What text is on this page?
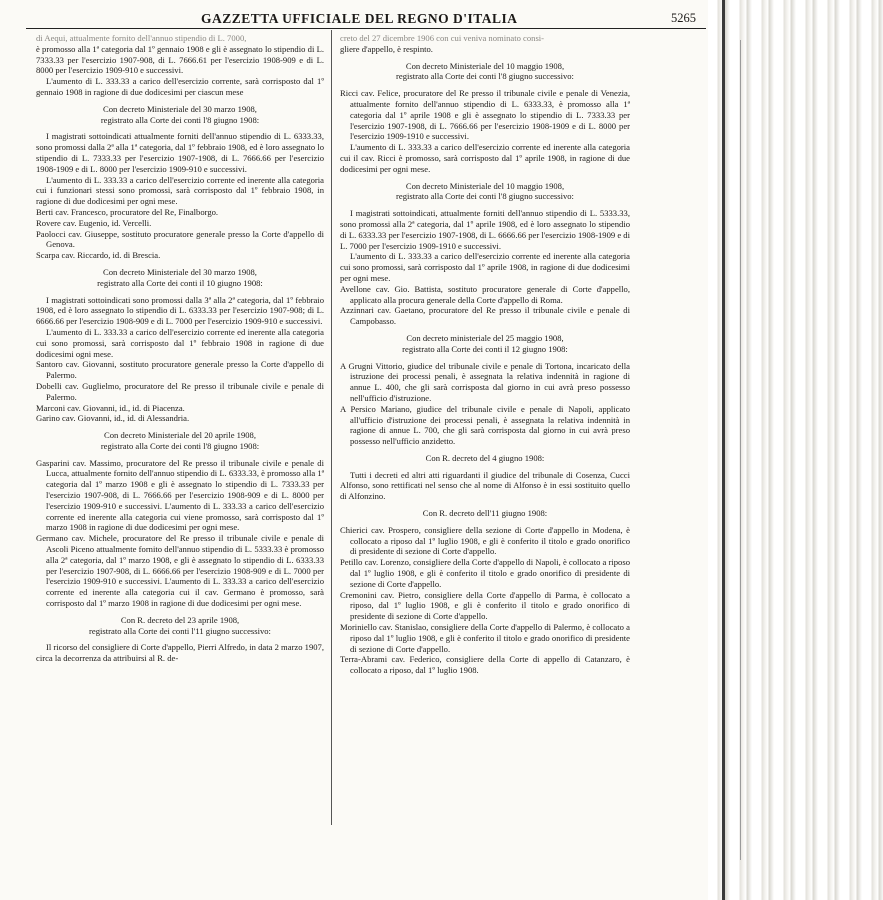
GAZZETTA UFFICIALE DEL REGNO D'ITALIA	5265

di Aequi, attualmente fornito dell'annuo stipendio di L. 7000,

è promosso alla 1ª categoria dal 1º gennaio 1908 e gli è assegnato lo stipendio di L. 7333.33 per l'esercizio 1907-908, di L. 7666.61 per l'esercizio 1908-909 e di L. 8000 per l'esercizio 1909-910 e successivi.

L'aumento di L. 333.33 a carico dell'esercizio corrente, sarà corrisposto dal 1º gennaio 1908 in ragione di due dodicesimi per ciascun mese

Con decreto Ministeriale del 30 marzo 1908,

registrato alla Corte dei conti l'8 giugno 1908:

I magistrati sottoindicati attualmente forniti dell'annuo stipendio di L. 6333.33, sono promossi dalla 2ª alla 1ª categoria, dal 1º febbraio 1908, ed è loro assegnato lo stipendio di L. 7333.33 per l'esercizio 1907-1908, di L. 7666.66 per l'esercizio 1908-1909 e di L. 8000 per l'esercizio 1909-910 e successivi.

L'aumento di L. 333.33 a carico dell'esercizio corrente ed inerente alla categoria cui i funzionari stessi sono promossi, sarà corrisposto dal 1º febbraio 1908, in ragione di due dodicesimi per ogni mese.

Berti cav. Francesco, procuratore del Re, Finalborgo.

Rovere cav. Eugenio, id. Vercelli.

Paolocci cav. Giuseppe, sostituto procuratore generale presso la Corte d'appello di Genova.

Scarpa cav. Riccardo, id. di Brescia.

Con decreto Ministeriale del 30 marzo 1908,

registrato alla Corte dei conti il 10 giugno 1908:

I magistrati sottoindicati sono promossi dalla 3ª alla 2ª categoria, dal 1º febbraio 1908, ed è loro assegnato lo stipendio di L. 6333.33 per l'esercizio 1907-908; di L. 6666.66 per l'esercizio 1908-909 e di L. 7000 per l'esercizio 1909-910 e successivi.

L'aumento di L. 333.33 a carico dell'esercizio corrente ed inerente alla categoria cui sono promossi, sarà corrisposto dal 1º febbraio 1908 in ragione di due dodicesimi ogni mese.

Santoro cav. Giovanni, sostituto procuratore generale presso la Corte d'appello di Palermo.

Dobelli cav. Guglielmo, procuratore del Re presso il tribunale civile e penale di Palermo.

Marconi cav. Giovanni, id., id. di Piacenza.

Garino cav. Giovanni, id., id. di Alessandria.

Con decreto Ministeriale del 20 aprile 1908,

registrato alla Corte dei conti l'8 giugno 1908:

Gasparini cav. Massimo, procuratore del Re presso il tribunale civile e penale di Lucca, attualmente fornito dell'annuo stipendio di L. 6333.33, è promosso alla 1ª categoria dal 1º marzo 1908 e gli è assegnato lo stipendio di L. 7333.33 per l'esercizio 1907-908, di L. 7666.66 per l'esercizio 1908-909 e di L. 8000 per l'esercizio 1909-910 e successivi. L'aumento di L. 333.33 a carico dell'esercizio corrente ed inerente alla categoria cui viene promosso, sarà corrisposto dal 1º marzo 1908 in ragione di due dodicesimi per ogni mese.

Germano cav. Michele, procuratore del Re presso il tribunale civile e penale di Ascoli Piceno attualmente fornito dell'annuo stipendio di L. 5333.33 è promosso alla 2ª categoria, dal 1º marzo 1908, e gli è assegnato lo stipendio di L. 6333.33 per l'esercizio 1907-908, di L. 6666.66 per l'esercizio 1908-909 e di L. 7000 per l'esercizio 1909-910 e successivi. L'aumento di L. 333.33 a carico dell'esercizio corrente ed inerente alla categoria cui il cav. Germano è promosso, sarà corrisposto dal 1º marzo 1908 in ragione di due dodicesimi per ogni mese.

Con R. decreto del 23 aprile 1908,

registrato alla Corte dei conti l'11 giugno successivo:

Il ricorso del consigliere di Corte d'appello, Pierri Alfredo, in data 2 marzo 1907, circa la decorrenza da attribuirsi al R. de-

creto del 27 dicembre 1906 con cui veniva nominato consi-

gliere d'appello, è respinto.

Con decreto Ministeriale del 10 maggio 1908,

registrato alla Corte dei conti l'8 giugno successivo:

Ricci cav. Felice, procuratore del Re presso il tribunale civile e penale di Venezia, attualmente fornito dell'annuo stipendio di L. 6333.33, è promosso alla 1ª categoria dal 1º aprile 1908 e gli è assegnato lo stipendio di L. 7333.33 per l'esercizio 1907-1908, di L. 7666.66 per l'esercizio 1908-1909 e di L. 8000 per l'esercizio 1909-1910 e successivi.

L'aumento di L. 333.33 a carico dell'esercizio corrente ed inerente alla categoria cui il cav. Ricci è promosso, sarà corrisposto dal 1º aprile 1908, in ragione di due dodicesimi per ogni mese.

Con decreto Ministeriale del 10 maggio 1908,

registrato alla Corte dei conti l'8 giugno successivo:

I magistrati sottoindicati, attualmente forniti dell'annuo stipendio di L. 5333.33, sono promossi alla 2ª categoria, dal 1º aprile 1908, ed è loro assegnato lo stipendio di L. 6333.33 per l'esercizio 1907-1908, di L. 6666.66 per l'esercizio 1908-1909 e di L. 7000 per l'esercizio 1909-1910 e successivi.

L'aumento di L. 333.33 a carico dell'esercizio corrente ed inerente alla categoria cui sono promossi, sarà corrisposto dal 1º aprile 1908, in ragione di due dodicesimi per ogni mese.

Avellone cav. Gio. Battista, sostituto procuratore generale di Corte d'appello, applicato alla procura generale della Corte d'appello di Roma.

Azzinnari cav. Gaetano, procuratore del Re presso il tribunale civile e penale di Campobasso.

Con decreto ministeriale del 25 maggio 1908,

registrato alla Corte dei conti il 12 giugno 1908:

A Grugni Vittorio, giudice del tribunale civile e penale di Tortona, incaricato della istruzione dei processi penali, è assegnata la relativa indennità in ragione di annue L. 400, che gli sarà corrisposta dal giorno in cui avrà preso possesso nell'ufficio d'istruzione.

A Persico Mariano, giudice del tribunale civile e penale di Napoli, applicato all'ufficio d'istruzione dei processi penali, è assegnata la relativa indennità in ragione di annue L. 700, che gli sarà corrisposta dal giorno in cui avrà preso possesso nell'ufficio anzidetto.

Con R. decreto del 4 giugno 1908:

Tutti i decreti ed altri atti riguardanti il giudice del tribunale di Cosenza, Cucci Alfonso, sono rettificati nel senso che al nome di Alfonso è in essi sostituito quello di Alfonzino.

Con R. decreto dell'11 giugno 1908:

Chierici cav. Prospero, consigliere della sezione di Corte d'appello in Modena, è collocato a riposo dal 1º luglio 1908, e gli è conferito il titolo e grado onorifico di presidente di sezione di Corte d'appello.

Petillo cav. Lorenzo, consigliere della Corte d'appello di Napoli, è collocato a riposo dal 1º luglio 1908, e gli è conferito il titolo e grado onorifico di presidente di sezione di Corte d'appello.

Cremonini cav. Pietro, consigliere della Corte d'appello di Parma, è collocato a riposo, dal 1º luglio 1908, e gli è conferito il titolo e grado onorifico di presidente di sezione di Corte d'appello.

Moriniello cav. Stanislao, consigliere della Corte d'appello di Palermo, è collocato a riposo dal 1º luglio 1908, e gli è conferito il titolo e grado onorifico di presidente di sezione di Corte d'appello.

Terra-Abrami cav. Federico, consigliere della Corte di appello di Catanzaro, è collocato a riposo, dal 1º luglio 1908.
